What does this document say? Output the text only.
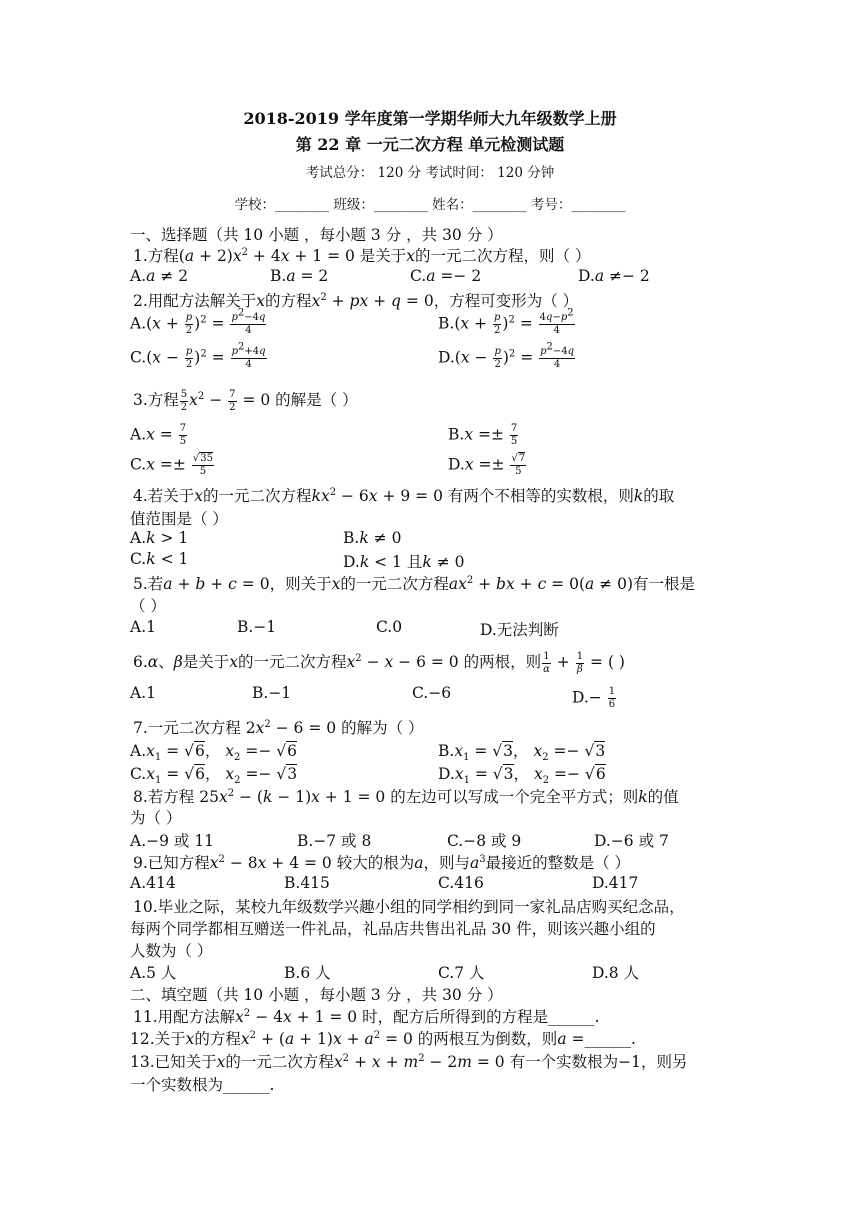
2018-2019 学年度第一学期华师大九年级数学上册
第 22 章 一元二次方程 单元检测试题
考试总分： 120 分 考试时间： 120 分钟
学校：________ 班级：________ 姓名：________ 考号：________
一、选择题（共 10 小题 ，每小题 3 分 ，共 30 分 ）
1.方程$(a + 2)x^2 + 4x + 1 = 0$ 是关于x的一元二次方程，则（ ）
A.a ≠ 2	B.a = 2	C.a =− 2	D.a ≠− 2
2.用配方法解关于x的方程$x^2$ + px + q = 0，方程可变形为（ ）
$A.(x + \frac{p}{2} )^2 = \frac{p^2-4q}{4}$	$B.(x + \frac{p}{2} )^2 = \frac{4q-p^2}{4}$
$C.(x - \frac{p}{2} )^2 = \frac{p^2+4q}{4}$	$D.(x - \frac{p}{2} )^2 = \frac{p^2-4q}{4}$
3.方程 $\frac{5}{2} x^2 - \frac{7}{2} = 0$ 的解是（ ）
$A.x = \frac{7}{5}$	$B.x =\pm \frac{7}{5}$
$C.x =\pm \frac{√35}{5}$	$D.x =\pm \frac{√7}{5}$
4.若关于x的一元二次方程$kx^2 - 6x + 9 = 0$ 有两个不相等的实数根，则k的取
值范围是（ ）
A.k > 1	B.k ≠ 0
C.k < 1	D.k < 1 且k ≠ 0
5.若a + b + c = 0，则关于x的一元二次方程$ax^2$ + bx + c = 0(a ≠ 0)有一根是
（ ）
A.1	B.−1	C.0	D.无法判断
6.α、β是关于x的一元二次方程$x^2 - x - 6 = 0$ 的两根，则 $\frac{1}{\alpha} + \frac{1}{\beta}$ = ( )
A.1	B.−1	C.−6	$D.- \frac{1}{6}$
7.一元二次方程 $2x^2 - 6 = 0$ 的解为（ ）
$A.x_1 = √6$， $x_2 =- √6$	$B.x_1 = √3$， $x_2 =- √3$
$C.x_1 = √6$， $x_2 =- √3$	$D.x_1 = √3$， $x_2 =- √6$
8.若方程 $25x^2 - (k - 1)x + 1 = 0$ 的左边可以写成一个完全平方式；则k的值
为（ ）
A.−9 或 11	B.−7 或 8	C.−8 或 9	D.−6 或 7
9.已知方程$x^2 - 8x + 4 = 0$ 较大的根为a，则与$a^3$最接近的整数是（ ）
A.414	B.415	C.416	D.417
10.毕业之际，某校九年级数学兴趣小组的同学相约到同一家礼品店购买纪念品，
每两个同学都相互赠送一件礼品，礼品店共售出礼品 30 件，则该兴趣小组的
人数为（ ）
A.5 人	B.6 人	C.7 人	D.8 人
二、填空题（共 10 小题 ，每小题 3 分 ，共 30 分 ）
11.用配方法解$x^2 - 4x + 1 = 0$ 时，配方后所得到的方程是______.
12.关于x的方程$x^2 + (a + 1)x + a^2 = 0$ 的两根互为倒数，则a =______.
13.已知关于x的一元二次方程$x^2 + x + m^2 - 2m = 0$ 有一个实数根为−1，则另
一个实数根为______.
